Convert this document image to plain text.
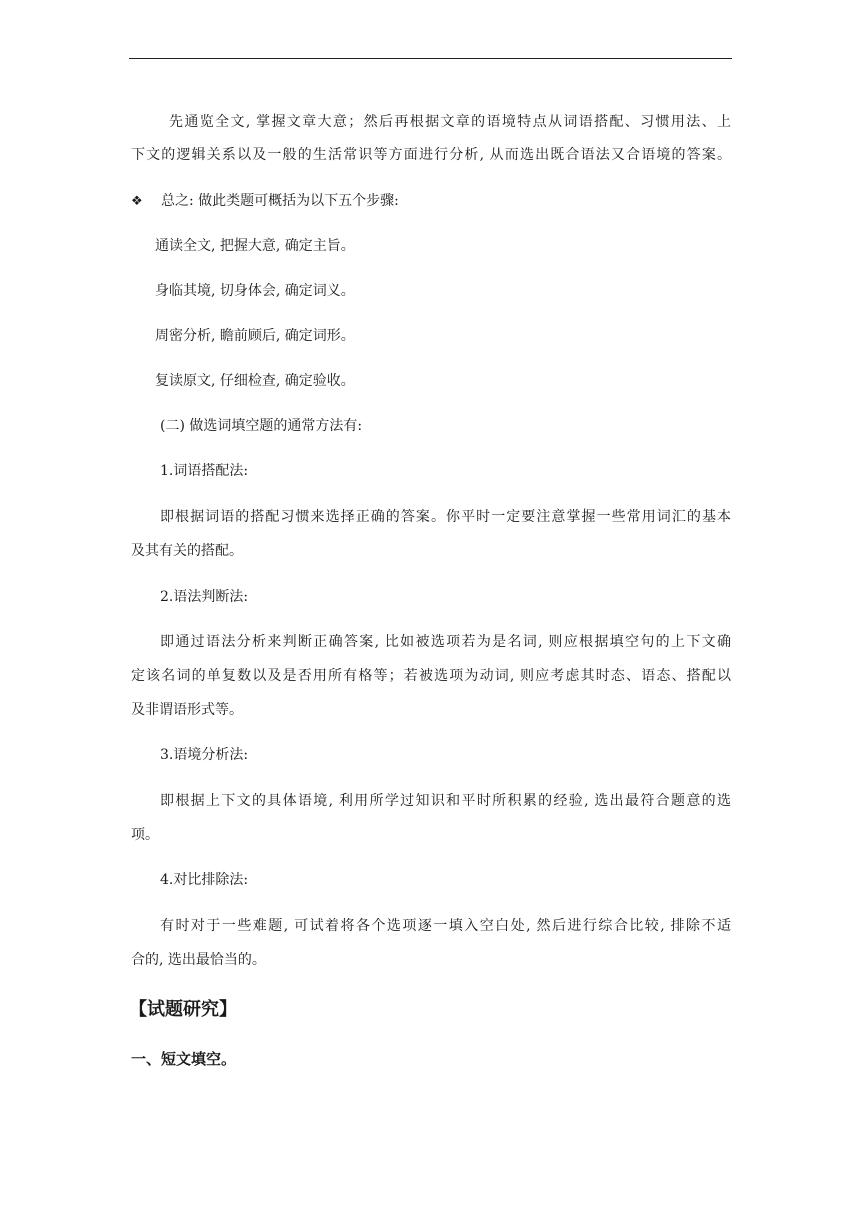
先通览全文, 掌握文章大意；然后再根据文章的语境特点从词语搭配、习惯用法、上
下文的逻辑关系以及一般的生活常识等方面进行分析, 从而选出既合语法又合语境的答案。
❖ 总之: 做此类题可概括为以下五个步骤:
通读全文, 把握大意, 确定主旨。
身临其境, 切身体会, 确定词义。
周密分析, 瞻前顾后, 确定词形。
复读原文, 仔细检查, 确定验收。
(二) 做选词填空题的通常方法有:
1.词语搭配法:
即根据词语的搭配习惯来选择正确的答案。你平时一定要注意掌握一些常用词汇的基本
及其有关的搭配。
2.语法判断法:
即通过语法分析来判断正确答案, 比如被选项若为是名词, 则应根据填空句的上下文确
定该名词的单复数以及是否用所有格等；若被选项为动词, 则应考虑其时态、语态、搭配以
及非谓语形式等。
3.语境分析法:
即根据上下文的具体语境, 利用所学过知识和平时所积累的经验, 选出最符合题意的选
项。
4.对比排除法:
有时对于一些难题, 可试着将各个选项逐一填入空白处, 然后进行综合比较, 排除不适
合的, 选出最恰当的。
【试题研究】
一、短文填空。
